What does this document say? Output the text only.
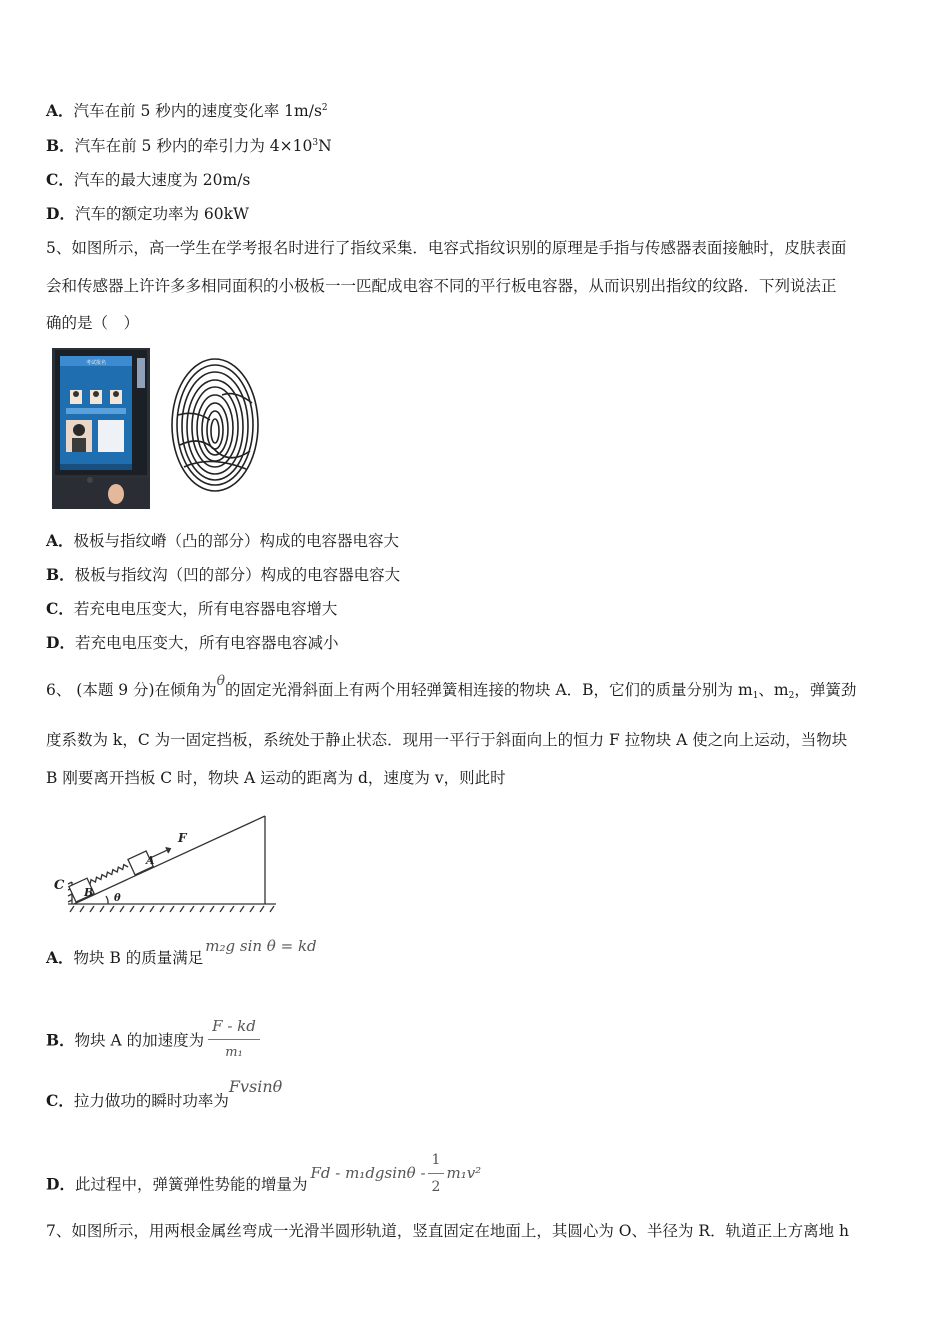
A．汽车在前 5 秒内的速度变化率 $1m/s^2$
B．汽车在前 5 秒内的牵引力为 $4\times 10^3N$
C．汽车的最大速度为 20m/s
D．汽车的额定功率为 60kW
5、如图所示，高一学生在学考报名时进行了指纹采集．电容式指纹识别的原理是手指与传感器表面接触时，皮肤表面
会和传感器上许许多多相同面积的小极板一一匹配成电容不同的平行板电容器，从而识别出指纹的纹路．下列说法正
确的是（　）
考试报名
A．极板与指纹嵴（凸的部分）构成的电容器电容大
B．极板与指纹沟（凹的部分）构成的电容器电容大
C．若充电电压变大，所有电容器电容增大
D．若充电电压变大，所有电容器电容减小
6、 (本题 9 分)在倾角为θ的固定光滑斜面上有两个用轻弹簧相连接的物块 A．B，它们的质量分别为 $m_1$、$m_2$，弹簧劲
度系数为 k，C 为一固定挡板，系统处于静止状态．现用一平行于斜面向上的恒力 F 拉物块 A 使之向上运动，当物块
B 刚要离开挡板 C 时，物块 A 运动的距离为 d，速度为 v，则此时
C B
A
F
θ
A．物块 B 的质量满足m₂g sin θ = kd
B．物块 A 的加速度为 $\frac{F - kd}{\text{m₁}}$
C．拉力做功的瞬时功率为Fvsinθ
D．此过程中，弹簧弹性势能的增量为Fd - $m_1dgsin\theta - \frac{1}{2} m_1v^2$
7、如图所示，用两根金属丝弯成一光滑半圆形轨道，竖直固定在地面上，其圆心为 O、半径为 R．轨道正上方离地 h
